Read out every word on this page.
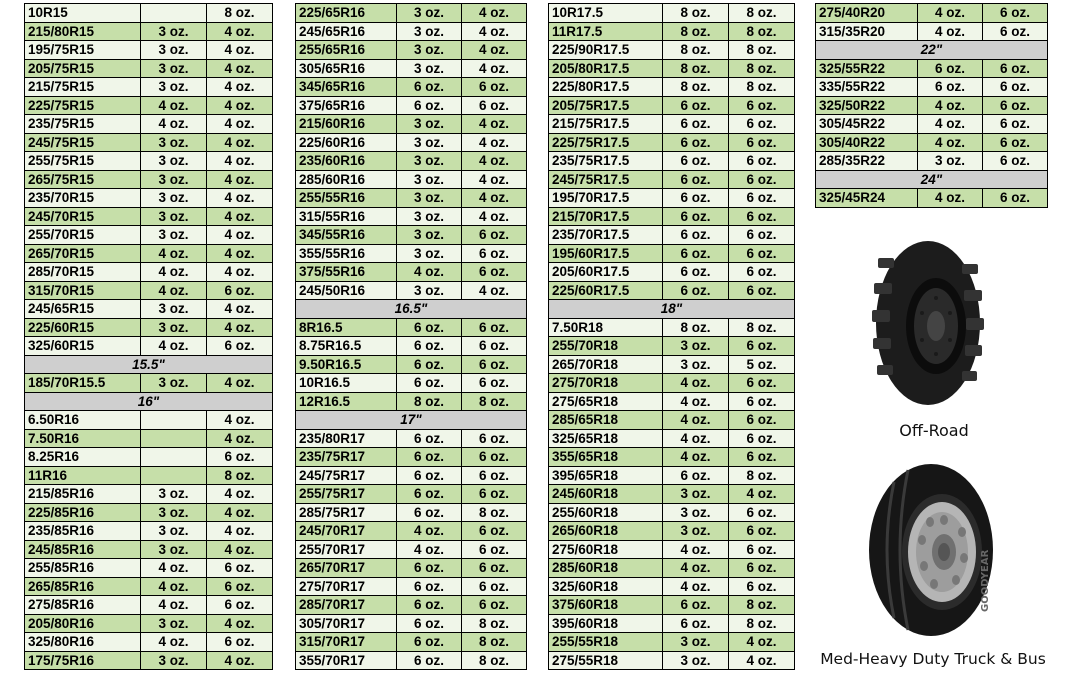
10R15		8 oz.
215/80R15	3 oz.	4 oz.
195/75R15	3 oz.	4 oz.
205/75R15	3 oz.	4 oz.
215/75R15	3 oz.	4 oz.
225/75R15	4 oz.	4 oz.
235/75R15	4 oz.	4 oz.
245/75R15	3 oz.	4 oz.
255/75R15	3 oz.	4 oz.
265/75R15	3 oz.	4 oz.
235/70R15	3 oz.	4 oz.
245/70R15	3 oz.	4 oz.
255/70R15	3 oz.	4 oz.
265/70R15	4 oz.	4 oz.
285/70R15	4 oz.	4 oz.
315/70R15	4 oz.	6 oz.
245/65R15	3 oz.	4 oz.
225/60R15	3 oz.	4 oz.
325/60R15	4 oz.	6 oz.
15.5"		
185/70R15.5	3 oz.	4 oz.
16"		
6.50R16		4 oz.
7.50R16		4 oz.
8.25R16		6 oz.
11R16		8 oz.
215/85R16	3 oz.	4 oz.
225/85R16	3 oz.	4 oz.
235/85R16	3 oz.	4 oz.
245/85R16	3 oz.	4 oz.
255/85R16	4 oz.	6 oz.
265/85R16	4 oz.	6 oz.
275/85R16	4 oz.	6 oz.
205/80R16	3 oz.	4 oz.
325/80R16	4 oz.	6 oz.
175/75R16	3 oz.	4 oz.
225/65R16	3 oz.	4 oz.
245/65R16	3 oz.	4 oz.
255/65R16	3 oz.	4 oz.
305/65R16	3 oz.	4 oz.
345/65R16	6 oz.	6 oz.
375/65R16	6 oz.	6 oz.
215/60R16	3 oz.	4 oz.
225/60R16	3 oz.	4 oz.
235/60R16	3 oz.	4 oz.
285/60R16	3 oz.	4 oz.
255/55R16	3 oz.	4 oz.
315/55R16	3 oz.	4 oz.
345/55R16	3 oz.	6 oz.
355/55R16	3 oz.	6 oz.
375/55R16	4 oz.	6 oz.
245/50R16	3 oz.	4 oz.
16.5"		
8R16.5	6 oz.	6 oz.
8.75R16.5	6 oz.	6 oz.
9.50R16.5	6 oz.	6 oz.
10R16.5	6 oz.	6 oz.
12R16.5	8 oz.	8 oz.
17"		
235/80R17	6 oz.	6 oz.
235/75R17	6 oz.	6 oz.
245/75R17	6 oz.	6 oz.
255/75R17	6 oz.	6 oz.
285/75R17	6 oz.	8 oz.
245/70R17	4 oz.	6 oz.
255/70R17	4 oz.	6 oz.
265/70R17	6 oz.	6 oz.
275/70R17	6 oz.	6 oz.
285/70R17	6 oz.	6 oz.
305/70R17	6 oz.	8 oz.
315/70R17	6 oz.	8 oz.
355/70R17	6 oz.	8 oz.
10R17.5	8 oz.	8 oz.
11R17.5	8 oz.	8 oz.
225/90R17.5	8 oz.	8 oz.
205/80R17.5	8 oz.	8 oz.
225/80R17.5	8 oz.	8 oz.
205/75R17.5	6 oz.	6 oz.
215/75R17.5	6 oz.	6 oz.
225/75R17.5	6 oz.	6 oz.
235/75R17.5	6 oz.	6 oz.
245/75R17.5	6 oz.	6 oz.
195/70R17.5	6 oz.	6 oz.
215/70R17.5	6 oz.	6 oz.
235/70R17.5	6 oz.	6 oz.
195/60R17.5	6 oz.	6 oz.
205/60R17.5	6 oz.	6 oz.
225/60R17.5	6 oz.	6 oz.
18"		
7.50R18	8 oz.	8 oz.
255/70R18	3 oz.	6 oz.
265/70R18	3 oz.	5 oz.
275/70R18	4 oz.	6 oz.
275/65R18	4 oz.	6 oz.
285/65R18	4 oz.	6 oz.
325/65R18	4 oz.	6 oz.
355/65R18	4 oz.	6 oz.
395/65R18	6 oz.	8 oz.
245/60R18	3 oz.	4 oz.
255/60R18	3 oz.	6 oz.
265/60R18	3 oz.	6 oz.
275/60R18	4 oz.	6 oz.
285/60R18	4 oz.	6 oz.
325/60R18	4 oz.	6 oz.
375/60R18	6 oz.	8 oz.
395/60R18	6 oz.	8 oz.
255/55R18	3 oz.	4 oz.
275/55R18	3 oz.	4 oz.
275/40R20	4 oz.	6 oz.
315/35R20	4 oz.	6 oz.
22"		
325/55R22	6 oz.	6 oz.
335/55R22	6 oz.	6 oz.
325/50R22	4 oz.	6 oz.
305/45R22	4 oz.	6 oz.
305/40R22	4 oz.	6 oz.
285/35R22	3 oz.	6 oz.
24"		
325/45R24	4 oz.	6 oz.
Off-Road
GOODYEAR
Med-Heavy Duty Truck & Bus
